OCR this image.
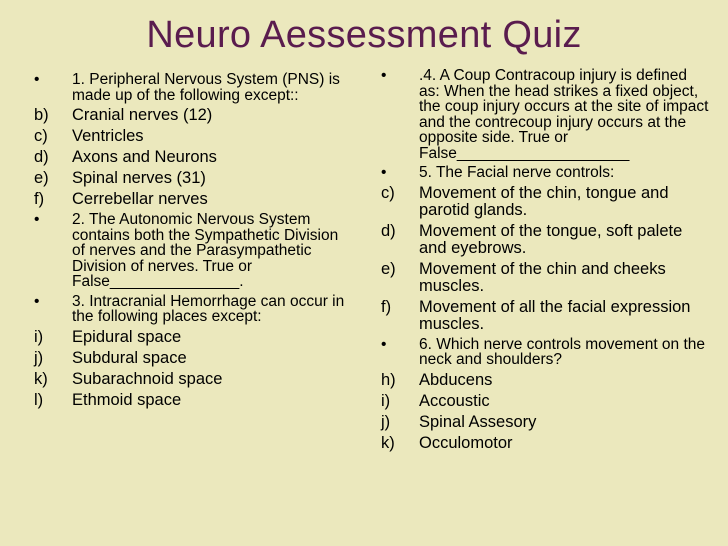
Neuro Aessessment Quiz
• 1. Peripheral Nervous System (PNS) is made up of the following except::
b) Cranial nerves (12)
c) Ventricles
d) Axons and Neurons
e) Spinal nerves (31)
f) Cerrebellar nerves
• 2. The Autonomic Nervous System contains both the Sympathetic Division of nerves and the Parasympathetic Division of nerves. True or False_______________.
• 3. Intracranial Hemorrhage can occur in the following places except:
i) Epidural space
j) Subdural space
k) Subarachnoid space
l) Ethmoid space
• .4. A Coup Contracoup injury is defined as: When the head strikes a fixed object, the coup injury occurs at the site of impact and the contrecoup injury occurs at the opposite side. True or False____________________
• 5. The Facial nerve controls:
c) Movement of the chin, tongue and parotid glands.
d) Movement of the tongue, soft palete and eyebrows.
e) Movement of the chin and cheeks muscles.
f) Movement of all the facial expression muscles.
• 6. Which nerve controls movement on the neck and shoulders?
h) Abducens
i) Accoustic
j) Spinal Assesory
k) Occulomotor
